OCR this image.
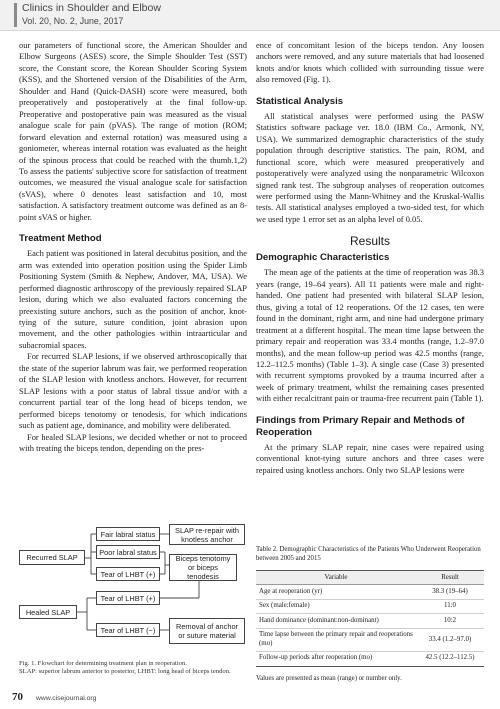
Clinics in Shoulder and Elbow
Vol. 20, No. 2, June, 2017

our parameters of functional score, the American Shoulder and Elbow Surgeons (ASES) score, the Simple Shoulder Test (SST) score, the Constant score, the Korean Shoulder Scoring System (KSS), and the Shortened version of the Disabilities of the Arm, Shoulder and Hand (Quick-DASH) score were measured, both preoperatively and postoperatively at the final follow-up. Preoperative and postoperative pain was measured as the visual analogue scale for pain (pVAS). The range of motion (ROM; forward elevation and external rotation) was measured using a goniometer, whereas internal rotation was evaluated as the height of the spinous process that could be reached with the thumb.1,2) To assess the patients' subjective score for satisfaction of treatment outcomes, we measured the visual analogue scale for satisfaction (sVAS), where 0 denotes least satisfaction and 10, most satisfaction. A satisfactory treatment outcome was defined as an 8-point sVAS or higher.

Treatment Method

Each patient was positioned in lateral decubitus position, and the arm was extended into operation position using the Spider Limb Positioning System (Smith & Nephew, Andover, MA, USA). We performed diagnostic arthroscopy of the previously repaired SLAP lesion, during which we also evaluated factors concerning the preexisting suture anchors, such as the position of anchor, knot-tying of the suture, suture condition, joint abrasion upon movement, and the other pathologies within intraarticular and subacromial spaces.

For recurred SLAP lesions, if we observed arthroscopically that the state of the superior labrum was fair, we performed reoperation of the SLAP lesion with knotless anchors. However, for recurrent SLAP lesions with a poor status of labral tissue and/or with a concurrent partial tear of the long head of biceps tendon, we performed biceps tenotomy or tenodesis, for which indications such as patient age, dominance, and mobility were deliberated.

For healed SLAP lesions, we decided whether or not to proceed with treating the biceps tendon, depending on the pres-

ence of concomitant lesion of the biceps tendon. Any loosen anchors were removed, and any suture materials that had loosened knots and/or knots which collided with surrounding tissue were also removed (Fig. 1).

Statistical Analysis

All statistical analyses were performed using the PASW Statistics software package ver. 18.0 (IBM Co., Armonk, NY, USA). We summarized demographic characteristics of the study population through descriptive statistics. The pain, ROM, and functional score, which were measured preoperatively and postoperatively were analyzed using the nonparametric Wilcoxon signed rank test. The subgroup analyses of reoperation outcomes were performed using the Mann-Whitney and the Kruskal-Wallis tests. All statistical analyses employed a two-sided test, for which we used type 1 error set as an alpha level of 0.05.

Results
Demographic Characteristics

The mean age of the patients at the time of reoperation was 38.3 years (range, 19–64 years). All 11 patients were male and right-handed. One patient had presented with bilateral SLAP lesion, thus, giving a total of 12 reoperations. Of the 12 cases, ten were found in the dominant, right arm, and nine had undergone primary treatment at a different hospital. The mean time lapse between the primary repair and reoperation was 33.4 months (range, 1.2–97.0 months), and the mean follow-up period was 42.5 months (range, 12.2–112.5 months) (Table 1–3). A single case (Case 3) presented with recurrent symptoms provoked by a trauma incurred after a week of primary treatment, whilst the remaining cases presented with either recalcitrant pain or trauma-free recurrent pain (Table 1).

Findings from Primary Repair and Methods of Reoperation

At the primary SLAP repair, nine cases were repaired using conventional knot-tying suture anchors and three cases were repaired using knotless anchors. Only two SLAP lesions were

Recurred SLAP
Fair labral status
Poor labral status
Tear of LHBT (+)
SLAP re-repair with knotless anchor
Biceps tenotomy or biceps tenodesis
Healed SLAP
Tear of LHBT (+)
Tear of LHBT (−)	Removal of anchor or suture material
Fig. 1. Flowchart for determining treatment plan in reoperation.
SLAP: superior labrum anterior to posterior, LHBT: long head of biceps tendon.
Table 2. Demographic Characteristics of the Patients Who Underwent Reoperation between 2005 and 2015
Variable	Result
Age at reoperation (yr)	38.3 (19–64)
Sex (male:female)	11:0
Hand dominance (dominant:non-dominant)	10:2
Time lapse between the primary repair and reoperations (mo)	33.4 (1.2–97.0)
Follow-up periods after reoperation (mo)	42.5 (12.2–112.5)
Values are presented as mean (range) or number only.
70 www.cisejournal.org
